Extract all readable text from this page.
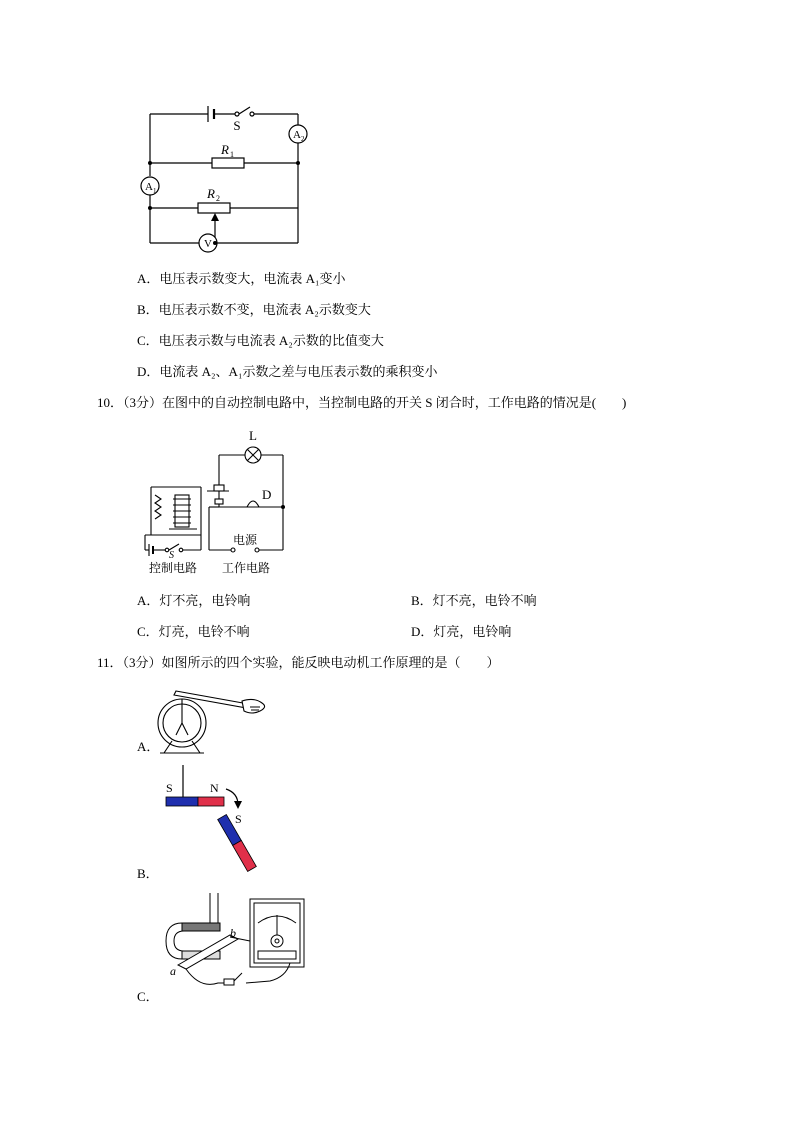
S
A 2
A 1
R 1
R 2
V
A．电压表示数变大，电流表 A₁变小
B．电压表示数不变，电流表 A₂示数变大
C．电压表示数与电流表 A₂示数的比值变大
D．电流表 A₂、A₁示数之差与电压表示数的乘积变小
10．（3分）在图中的自动控制电路中，当控制电路的开关 S 闭合时，工作电路的情况是(　　)
L
D
S
电源
控制电路 工作电路
A．灯不亮，电铃响	B．灯不亮，电铃不响
C．灯亮，电铃不响	D．灯亮，电铃响
11．（3分）如图所示的四个实验，能反映电动机工作原理的是（　　）
A．
S	N
S
B．
b
a
C．
